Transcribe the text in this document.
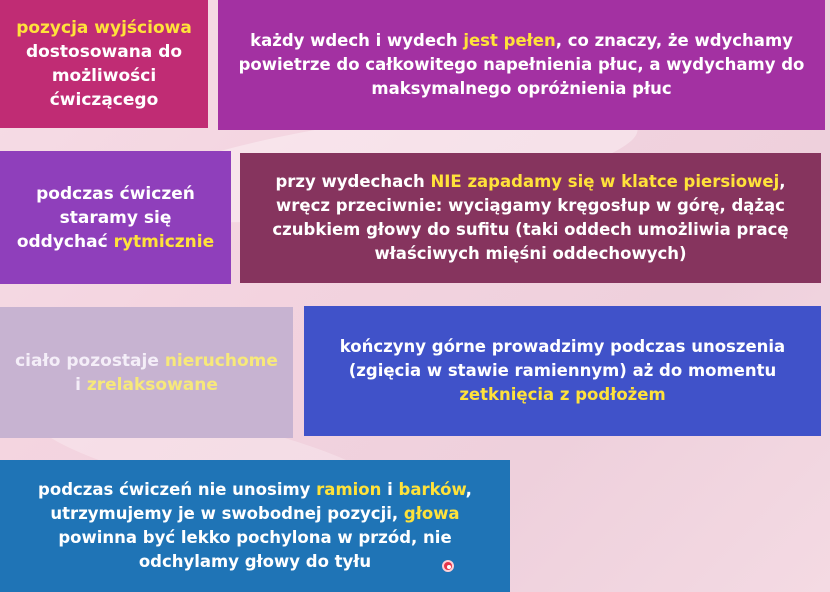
pozycja wyjściowa
dostosowana do możliwości ćwiczącego

każdy wdech i wydech jest pełen, co znaczy, że wdychamy powietrze do całkowitego napełnienia płuc, a wydychamy do maksymalnego opróżnienia płuc

podczas ćwiczeń staramy się oddychać rytmicznie

przy wydechach NIE zapadamy się w klatce piersiowej, wręcz przeciwnie: wyciągamy kręgosłup w górę, dążąc czubkiem głowy do sufitu (taki oddech umożliwia pracę właściwych mięśni oddechowych)

ciało pozostaje nieruchome i zrelaksowane

kończyny górne prowadzimy podczas unoszenia (zgięcia w stawie ramiennym) aż do momentu zetknięcia z podłożem

podczas ćwiczeń nie unosimy ramion i barków, utrzymujemy je w swobodnej pozycji, głowa powinna być lekko pochylona w przód, nie odchylamy głowy do tyłu
